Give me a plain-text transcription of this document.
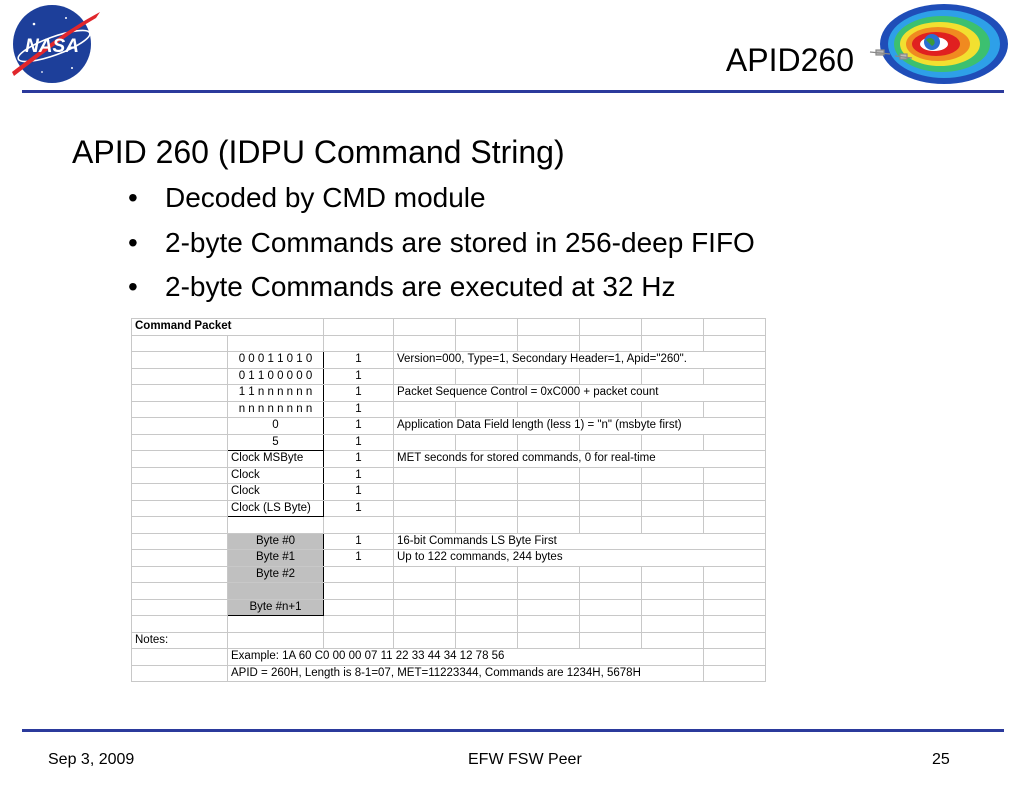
NASA	APID260
APID 260 (IDPU Command String)
• Decoded by CMD module
• 2-byte Commands are stored in 256-deep FIFO
• 2-byte Commands are executed at 32 Hz
Command Packet								

	0 0 0 1 1 0 1 0	1	Version=000, Type=1, Secondary Header=1, Apid="260".					
	0 1 1 0 0 0 0 0	1						
	1 1 n n n n n n	1	Packet Sequence Control = 0xC000 + packet count					
	n n n n n n n n	1						
	0	1	Application Data Field length (less 1) = "n" (msbyte first)					
	5	1						
	Clock MSByte	1	MET seconds for stored commands, 0 for real-time					
	Clock	1						
	Clock	1						
	Clock (LS Byte)	1						

	Byte #0	1	16-bit Commands LS Byte First					
	Byte #1	1	Up to 122 commands, 244 bytes					
	Byte #2							

	Byte #n+1							

Notes:								
	Example: 1A 60 C0 00 00 07 11 22 33 44 34 12 78 56							
	APID = 260H, Length is 8-1=07, MET=11223344, Commands are 1234H, 5678H							
Sep 3, 2009	EFW FSW Peer	25
